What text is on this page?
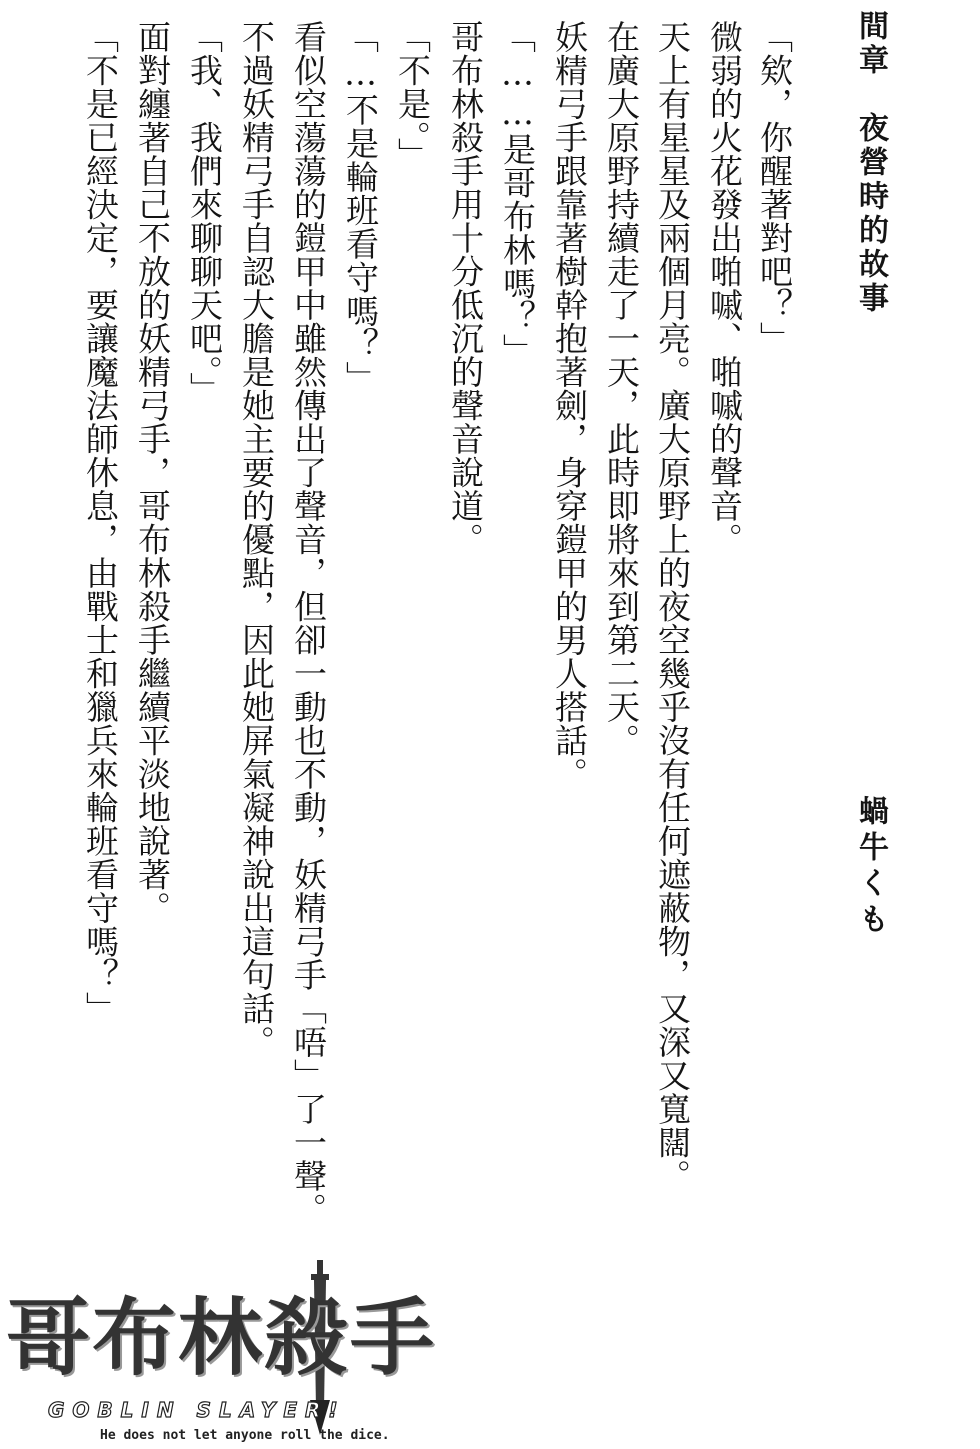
間章　夜營時的故事
蝸牛くも
「欸，你醒著對吧？」
微弱的火花發出啪嘁、啪嘁的聲音。
天上有星星及兩個月亮。廣大原野上的夜空幾乎沒有任何遮蔽物，又深又寬闊。
在廣大原野持續走了一天，此時即將來到第二天。
妖精弓手跟靠著樹幹抱著劍，身穿鎧甲的男人搭話。
「……是哥布林嗎？」
哥布林殺手用十分低沉的聲音說道。
「不是。」
「…不是輪班看守嗎？」
看似空蕩蕩的鎧甲中雖然傳出了聲音，但卻一動也不動，妖精弓手「唔」了一聲。
不過妖精弓手自認大膽是她主要的優點，因此她屏氣凝神說出這句話。
「我、我們來聊聊天吧。」
面對纏著自己不放的妖精弓手，哥布林殺手繼續平淡地說著。
「不是已經決定，要讓魔法師休息，由戰士和獵兵來輪班看守嗎？」
哥布林殺手
GOBLIN SLAYER!
He does not let anyone roll the dice.
